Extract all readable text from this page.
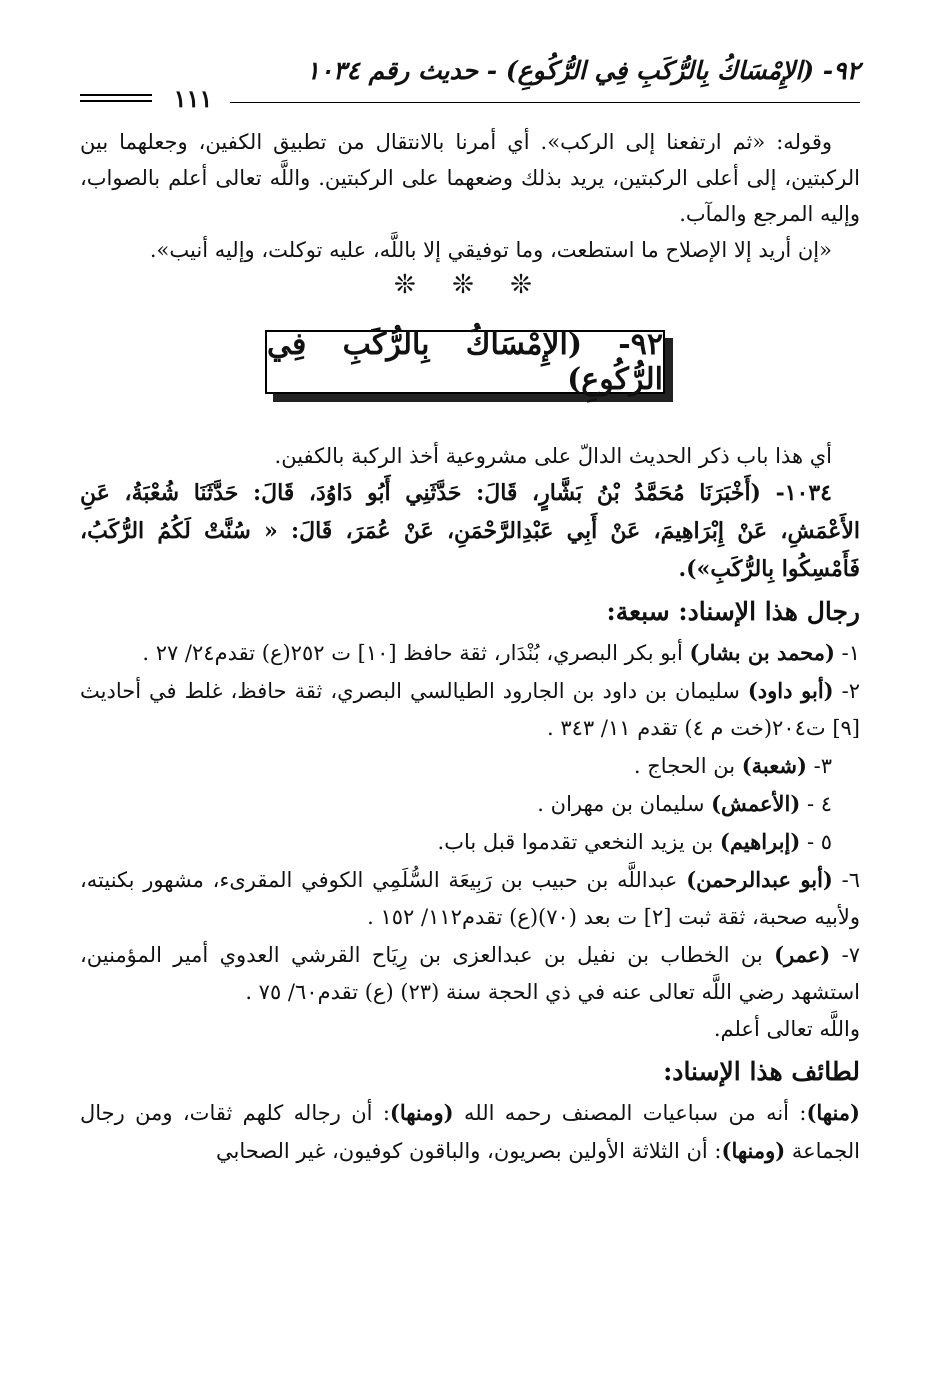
٩٢- (الإِمْسَاكُ بِالرُّكَبِ فِي الرُّكُوعِ) - حديث رقم ١٠٣٤
١١١

وقوله: «ثم ارتفعنا إلى الركب». أي أمرنا بالانتقال من تطبيق الكفين، وجعلهما بين الركبتين، إلى أعلى الركبتين، يريد بذلك وضعهما على الركبتين. واللَّه تعالى أعلم بالصواب، وإليه المرجع والمآب.

«إن أريد إلا الإصلاح ما استطعت، وما توفيقي إلا باللَّه، عليه توكلت، وإليه أنيب».

❊ ❊ ❊
٩٢- (الإِمْسَاكُ بِالرُّكَبِ فِي الرُّكُوعِ)

أي هذا باب ذكر الحديث الدالّ على مشروعية أخذ الركبة بالكفين.

١٠٣٤- (أَخْبَرَنَا مُحَمَّدُ بْنُ بَشَّارٍ، قَالَ: حَدَّثَنِي أَبُو دَاوُدَ، قَالَ: حَدَّثَنَا شُعْبَةُ، عَنِ الأَعْمَشِ، عَنْ إِبْرَاهِيمَ، عَنْ أَبِي عَبْدِالرَّحْمَنِ، عَنْ عُمَرَ، قَالَ: « سُنَّتْ لَكُمُ الرُّكَبُ، فَأَمْسِكُوا بِالرُّكَبِ»).

رجال هذا الإسناد: سبعة:

١- (محمد بن بشار) أبو بكر البصري، بُنْدَار، ثقة حافظ [١٠] ت ٢٥٢(ع) تقدم٢٤/ ٢٧ .

٢- (أبو داود) سليمان بن داود بن الجارود الطيالسي البصري، ثقة حافظ، غلط في أحاديث [٩] ت٢٠٤(خت م ٤) تقدم ١١/ ٣٤٣ .

٣- (شعبة) بن الحجاج .

٤ - (الأعمش) سليمان بن مهران .

٥ - (إبراهيم) بن يزيد النخعي تقدموا قبل باب.

٦- (أبو عبدالرحمن) عبداللَّه بن حبيب بن رَبِيعَة السُّلَمِي الكوفي المقرىء، مشهور بكنيته، ولأبيه صحبة، ثقة ثبت [٢] ت بعد (٧٠)(ع) تقدم١١٢/ ١٥٢ .

٧- (عمر) بن الخطاب بن نفيل بن عبدالعزى بن رِيَاح القرشي العدوي أمير المؤمنين، استشهد رضي اللَّه تعالى عنه في ذي الحجة سنة (٢٣) (ع) تقدم٦٠/ ٧٥ .

واللَّه تعالى أعلم.

لطائف هذا الإسناد:

(منها): أنه من سباعيات المصنف رحمه الله (ومنها): أن رجاله كلهم ثقات، ومن رجال الجماعة (ومنها): أن الثلاثة الأولين بصريون، والباقون كوفيون، غير الصحابي
